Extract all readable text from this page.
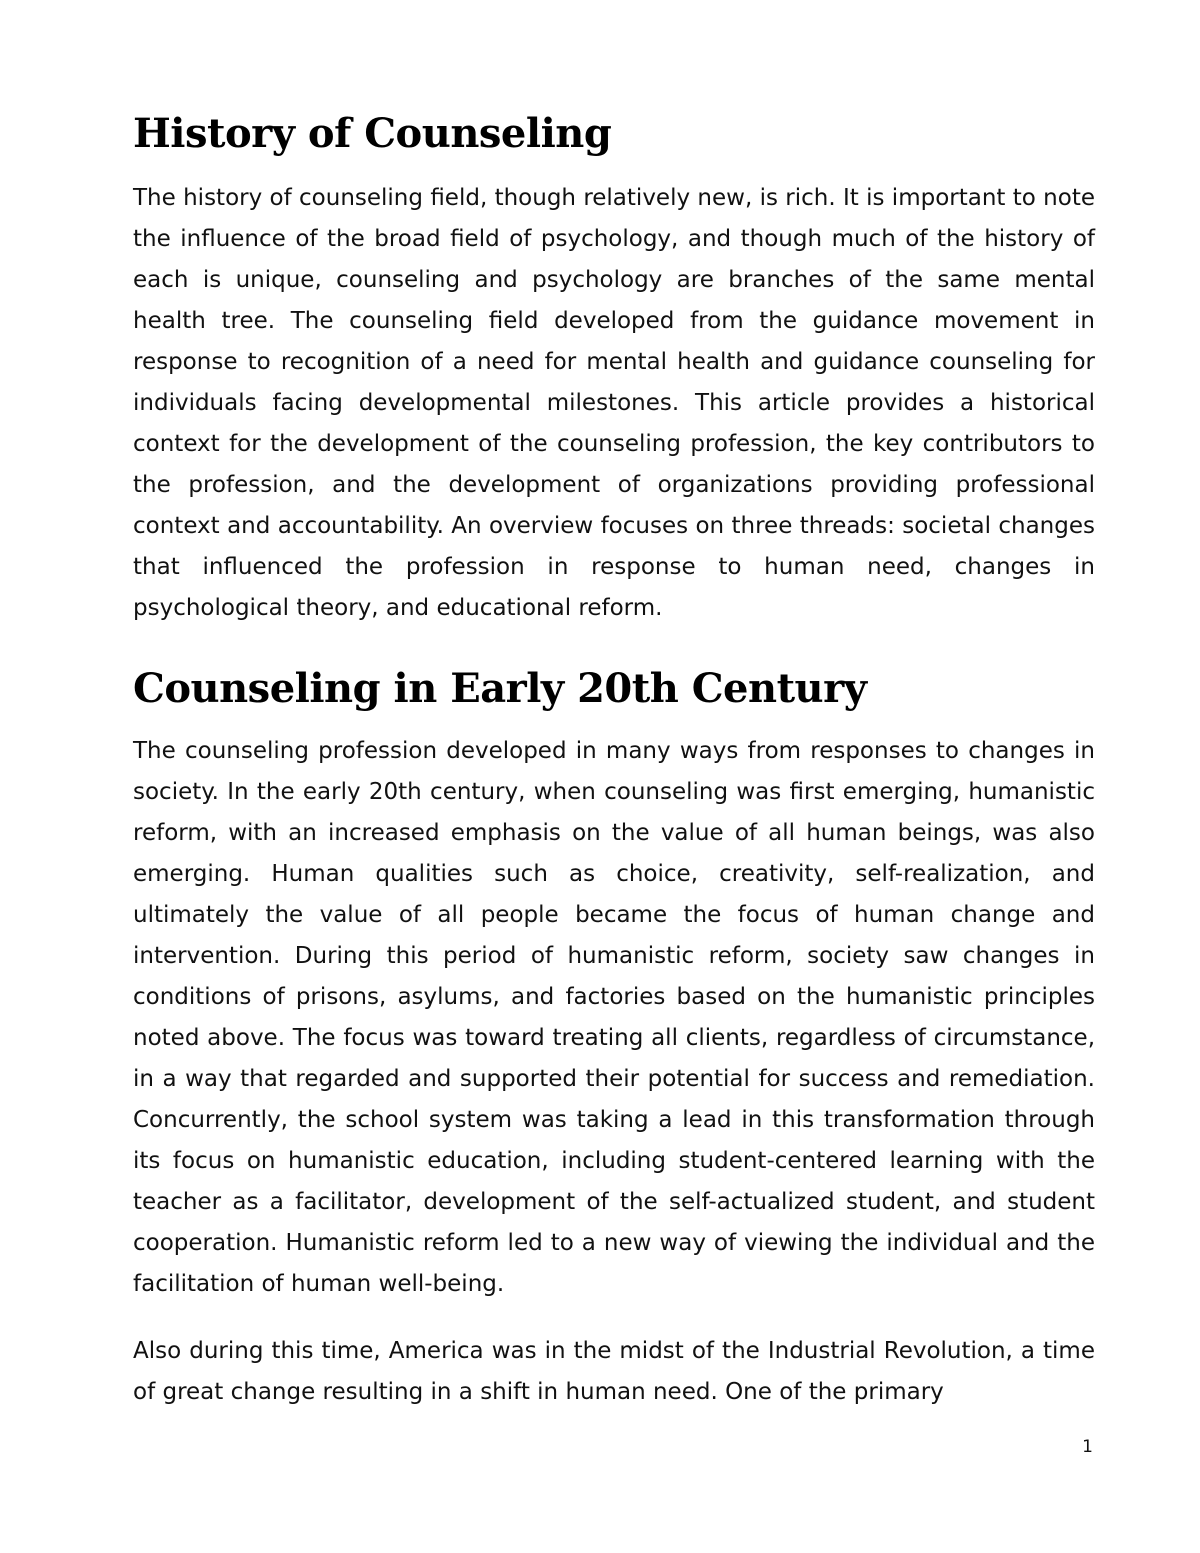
History of Counseling

The history of counseling field, though relatively new, is rich. It is important to note the influence of the broad field of psychology, and though much of the history of each is unique, counseling and psychology are branches of the same mental health tree. The counseling field developed from the guidance movement in response to recognition of a need for mental health and guidance counseling for individuals facing developmental milestones. This article provides a historical context for the development of the counseling profession, the key contributors to the profession, and the development of organizations providing professional context and accountability. An overview focuses on three threads: societal changes that influenced the profession in response to human need, changes in psychological theory, and educational reform.

Counseling in Early 20th Century

The counseling profession developed in many ways from responses to changes in society. In the early 20th century, when counseling was first emerging, humanistic reform, with an increased emphasis on the value of all human beings, was also emerging. Human qualities such as choice, creativity, self-realization, and ultimately the value of all people became the focus of human change and intervention. During this period of humanistic reform, society saw changes in conditions of prisons, asylums, and factories based on the humanistic principles noted above. The focus was toward treating all clients, regardless of circumstance, in a way that regarded and supported their potential for success and remediation. Concurrently, the school system was taking a lead in this transformation through its focus on humanistic education, including student-centered learning with the teacher as a facilitator, development of the self-actualized student, and student cooperation. Humanistic reform led to a new way of viewing the individual and the facilitation of human well-being.

Also during this time, America was in the midst of the Industrial Revolution, a time of great change resulting in a shift in human need. One of the primary

1
